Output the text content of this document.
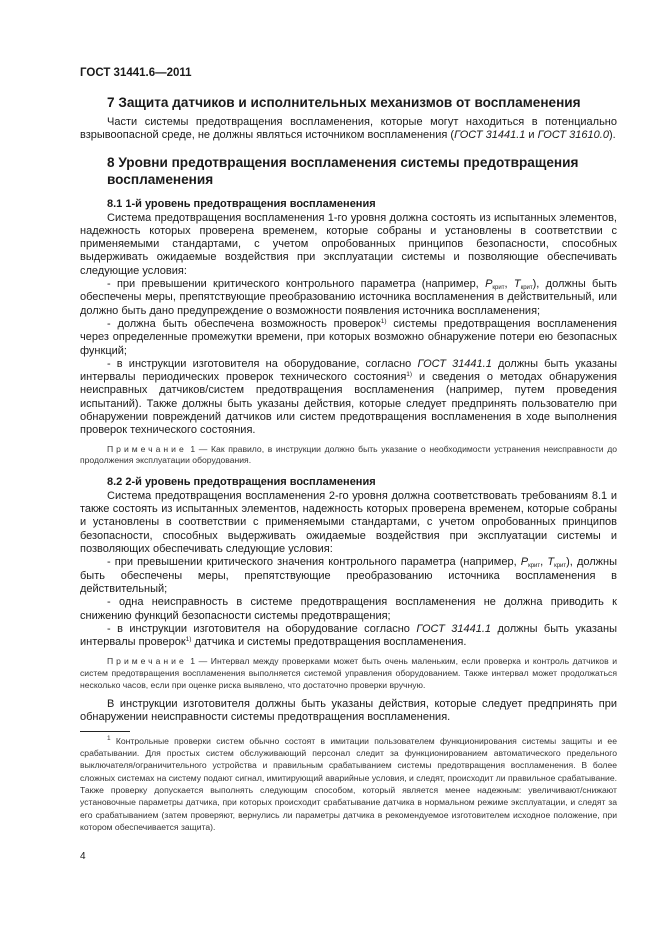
ГОСТ 31441.6—2011
7 Защита датчиков и исполнительных механизмов от воспламенения

Части системы предотвращения воспламенения, которые могут находиться в потенциально взрывоопасной среде, не должны являться источником воспламенения (ГОСТ 31441.1 и ГОСТ 31610.0).

8 Уровни предотвращения воспламенения системы предотвращения воспламенения
8.1 1-й уровень предотвращения воспламенения

Система предотвращения воспламенения 1-го уровня должна состоять из испытанных элементов, надежность которых проверена временем, которые собраны и установлены в соответствии с применяемыми стандартами, с учетом опробованных принципов безопасности, способных выдерживать ожидаемые воздействия при эксплуатации системы и позволяющие обеспечивать следующие условия:

- при превышении критического контрольного параметра (например, $P_{крит}$, $T_{крит}$), должны быть обеспечены меры, препятствующие преобразованию источника воспламенения в действительный, или должно быть дано предупреждение о возможности появления источника воспламенения;

- должна быть обеспечена возможность проверок$^{1)}$ системы предотвращения воспламенения через определенные промежутки времени, при которых возможно обнаружение потери ею безопасных функций;

- в инструкции изготовителя на оборудование, согласно ГОСТ 31441.1 должны быть указаны интервалы периодических проверок технического состояния$^{1)}$ и сведения о методах обнаружения неисправных датчиков/систем предотвращения воспламенения (например, путем проведения испытаний). Также должны быть указаны действия, которые следует предпринять пользователю при обнаружении повреждений датчиков или систем предотвращения воспламенения в ходе выполнения проверок технического состояния.

Примечание 1 — Как правило, в инструкции должно быть указание о необходимости устранения неисправности до продолжения эксплуатации оборудования.

8.2 2-й уровень предотвращения воспламенения

Система предотвращения воспламенения 2-го уровня должна соответствовать требованиям 8.1 и также состоять из испытанных элементов, надежность которых проверена временем, которые собраны и установлены в соответствии с применяемыми стандартами, с учетом опробованных принципов безопасности, способных выдерживать ожидаемые воздействия при эксплуатации системы и позволяющих обеспечивать следующие условия:

- при превышении критического значения контрольного параметра (например, $P_{крит}$, $T_{крит}$), должны быть обеспечены меры, препятствующие преобразованию источника воспламенения в действительный;

- одна неисправность в системе предотвращения воспламенения не должна приводить к снижению функций безопасности системы предотвращения;

- в инструкции изготовителя на оборудование согласно ГОСТ 31441.1 должны быть указаны интервалы проверок$^{1)}$ датчика и системы предотвращения воспламенения.

Примечание 1 — Интервал между проверками может быть очень маленьким, если проверка и контроль датчиков и систем предотвращения воспламенения выполняется системой управления оборудованием. Также интервал может продолжаться несколько часов, если при оценке риска выявлено, что достаточно проверки вручную.

В инструкции изготовителя должны быть указаны действия, которые следует предпринять при обнаружении неисправности системы предотвращения воспламенения.

$^1$ Контрольные проверки систем обычно состоят в имитации пользователем функционирования системы защиты и ее срабатывании. Для простых систем обслуживающий персонал следит за функционированием автоматического предельного выключателя/ограничительного устройства и правильным срабатыванием системы предотвращения воспламенения. В более сложных системах на систему подают сигнал, имитирующий аварийные условия, и следят, происходит ли правильное срабатывание. Также проверку допускается выполнять следующим способом, который является менее надежным: увеличивают/снижают установочные параметры датчика, при которых происходит срабатывание датчика в нормальном режиме эксплуатации, и следят за его срабатыванием (затем проверяют, вернулись ли параметры датчика в рекомендуемое изготовителем исходное положение, при котором обеспечивается защита).

4
